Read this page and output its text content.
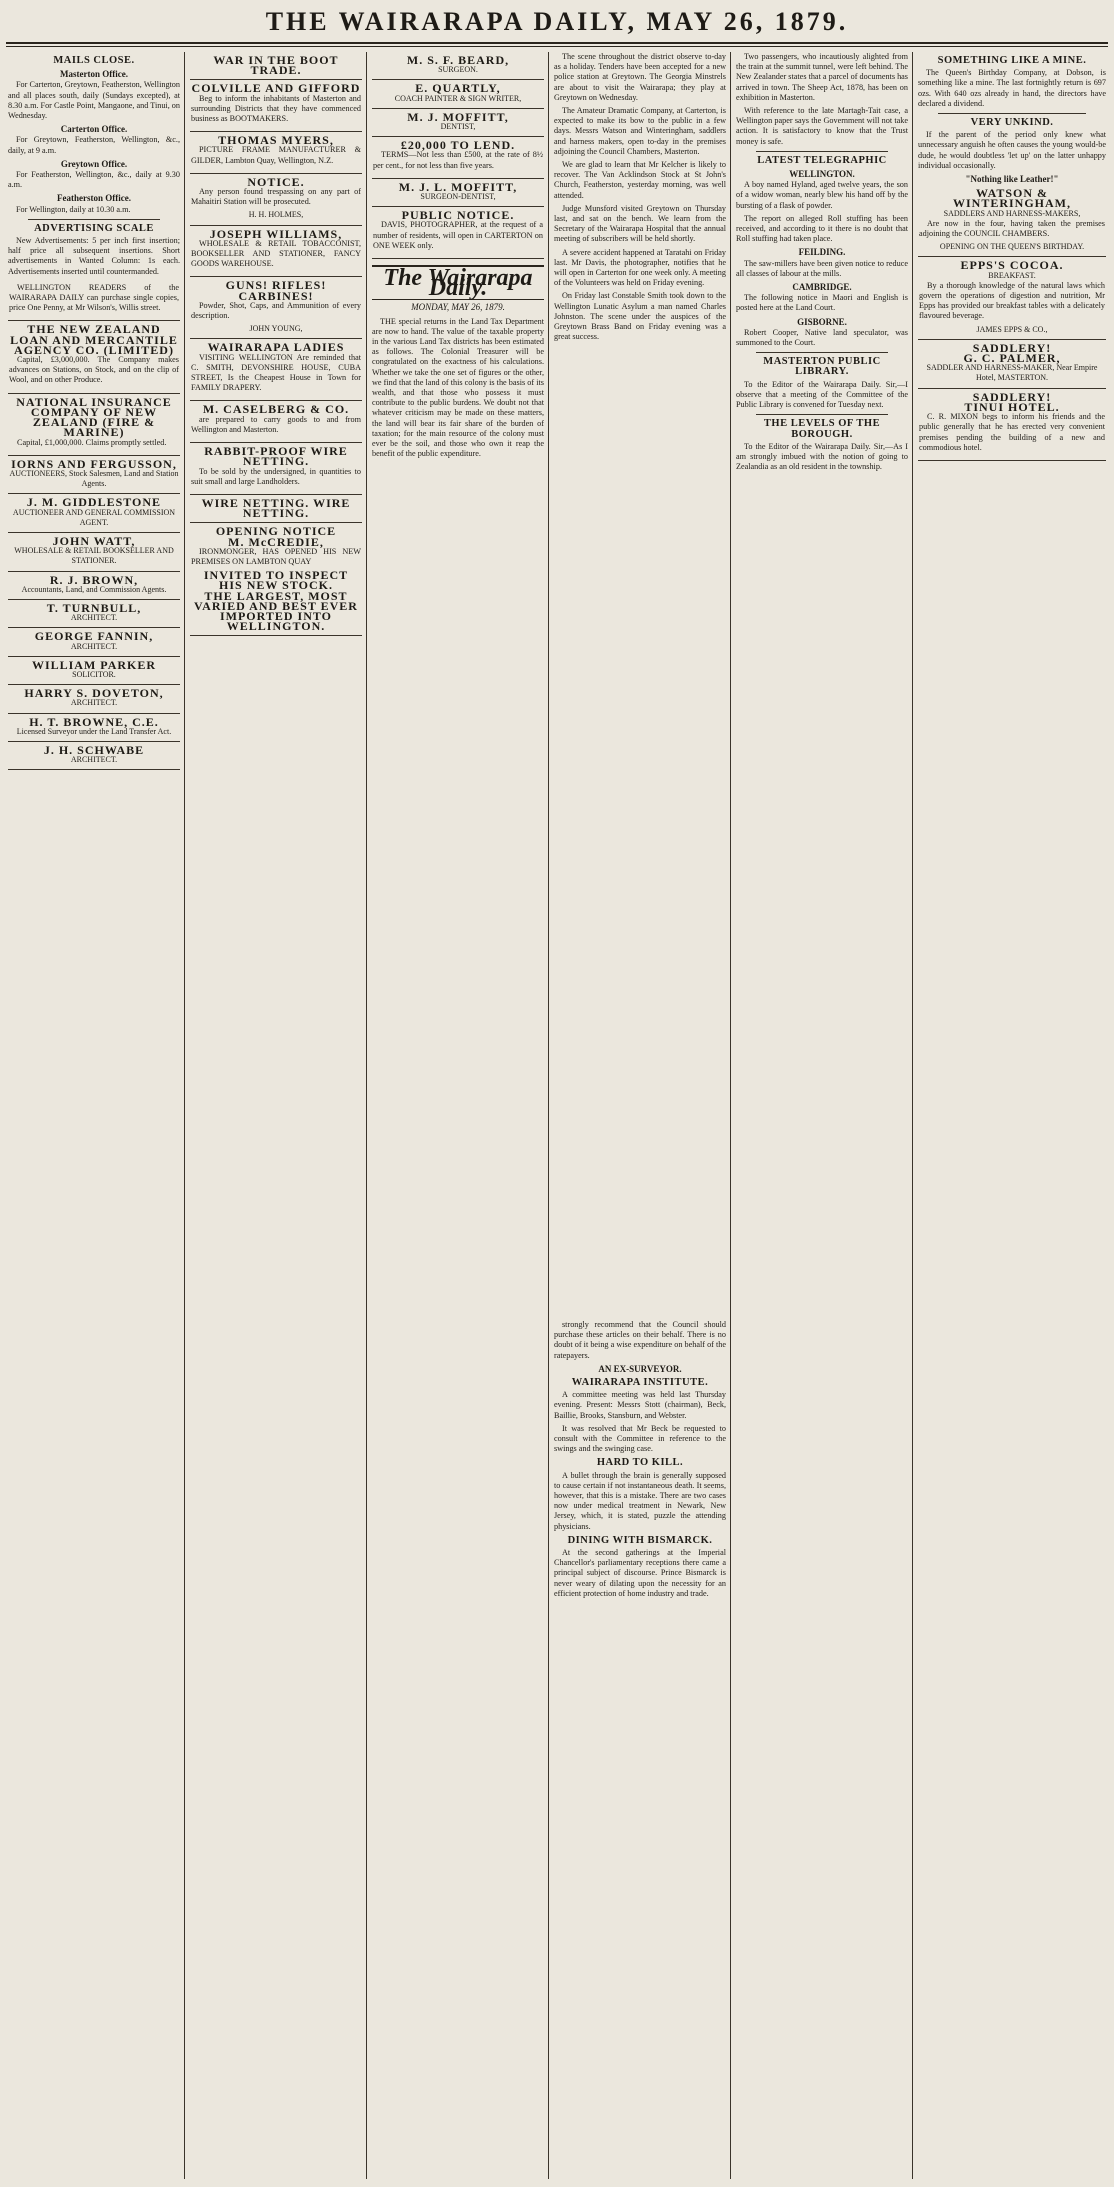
THE WAIRARAPA DAILY, MAY 26, 1879.
MAILS CLOSE.
Masterton Office.

For Carterton, Greytown, Featherston, Wellington and all places south, daily (Sundays excepted), at 8.30 a.m. For Castle Point, Mangaone, and Tinui, on Wednesday.

Carterton Office.

For Greytown, Featherston, Wellington, &c., daily, at 9 a.m.

Greytown Office.

For Featherston, Wellington, &c., daily at 9.30 a.m.

Featherston Office.

For Wellington, daily at 10.30 a.m.

ADVERTISING SCALE

New Advertisements: 5 per inch first insertion; half price all subsequent insertions. Short advertisements in Wanted Column: 1s each. Advertisements inserted until countermanded.

WELLINGTON READERS of the WAIRARAPA DAILY can purchase single copies, price One Penny, at Mr Wilson's, Willis street.

THE NEW ZEALAND LOAN AND MERCANTILE AGENCY CO. (LIMITED)

Capital, £3,000,000. The Company makes advances on Stations, on Stock, and on the clip of Wool, and on other Produce.

NATIONAL INSURANCE COMPANY OF NEW ZEALAND (FIRE & MARINE)

Capital, £1,000,000. Claims promptly settled.

IORNS AND FERGUSSON,
AUCTIONEERS, Stock Salesmen, Land and Station Agents.
J. M. GIDDLESTONE
AUCTIONEER AND GENERAL COMMISSION AGENT.
JOHN WATT,
WHOLESALE & RETAIL BOOKSELLER AND STATIONER.
R. J. BROWN,
Accountants, Land, and Commission Agents.
T. TURNBULL,
ARCHITECT.
GEORGE FANNIN,
ARCHITECT.
WILLIAM PARKER
SOLICITOR.
HARRY S. DOVETON,
ARCHITECT.
H. T. BROWNE, C.E.
Licensed Surveyor under the Land Transfer Act.
J. H. SCHWABE
ARCHITECT.
WAR IN THE BOOT TRADE.
COLVILLE AND GIFFORD

Beg to inform the inhabitants of Masterton and surrounding Districts that they have commenced business as BOOTMAKERS.

THOMAS MYERS,

PICTURE FRAME MANUFACTURER & GILDER, Lambton Quay, Wellington, N.Z.

NOTICE.

Any person found trespassing on any part of Mahaitiri Station will be prosecuted.

H. H. HOLMES,
JOSEPH WILLIAMS,

WHOLESALE & RETAIL TOBACCONIST, BOOKSELLER AND STATIONER, FANCY GOODS WAREHOUSE.

GUNS! RIFLES! CARBINES!

Powder, Shot, Caps, and Ammunition of every description.

JOHN YOUNG,
WAIRARAPA LADIES

VISITING WELLINGTON Are reminded that C. SMITH, DEVONSHIRE HOUSE, CUBA STREET, Is the Cheapest House in Town for FAMILY DRAPERY.

M. CASELBERG & CO.

are prepared to carry goods to and from Wellington and Masterton.

RABBIT-PROOF WIRE NETTING.

To be sold by the undersigned, in quantities to suit small and large Landholders.

WIRE NETTING. WIRE NETTING.
OPENING NOTICE
M. McCREDIE,

IRONMONGER, HAS OPENED HIS NEW PREMISES ON LAMBTON QUAY

INVITED TO INSPECT HIS NEW STOCK.
THE LARGEST, MOST VARIED AND BEST EVER IMPORTED INTO WELLINGTON.
M. S. F. BEARD,
SURGEON.
E. QUARTLY,
COACH PAINTER & SIGN WRITER,
M. J. MOFFITT,
DENTIST,
£20,000 TO LEND.

TERMS—Not less than £500, at the rate of 8½ per cent., for not less than five years.

M. J. L. MOFFITT,
SURGEON-DENTIST,
PUBLIC NOTICE.

DAVIS, PHOTOGRAPHER, at the request of a number of residents, will open in CARTERTON on ONE WEEK only.

The Wairarapa Daily.
MONDAY, MAY 26, 1879.

THE special returns in the Land Tax Department are now to hand. The value of the taxable property in the various Land Tax districts has been estimated as follows. The Colonial Treasurer will be congratulated on the exactness of his calculations. Whether we take the one set of figures or the other, we find that the land of this colony is the basis of its wealth, and that those who possess it must contribute to the public burdens. We doubt not that whatever criticism may be made on these matters, the land will bear its fair share of the burden of taxation; for the main resource of the colony must ever be the soil, and those who own it reap the benefit of the public expenditure.

The scene throughout the district observe to-day as a holiday. Tenders have been accepted for a new police station at Greytown. The Georgia Minstrels are about to visit the Wairarapa; they play at Greytown on Wednesday.

The Amateur Dramatic Company, at Carterton, is expected to make its bow to the public in a few days. Messrs Watson and Winteringham, saddlers and harness makers, open to-day in the premises adjoining the Council Chambers, Masterton.

We are glad to learn that Mr Kelcher is likely to recover. The Van Acklindson Stock at St John's Church, Featherston, yesterday morning, was well attended.

Judge Munsford visited Greytown on Thursday last, and sat on the bench. We learn from the Secretary of the Wairarapa Hospital that the annual meeting of subscribers will be held shortly.

A severe accident happened at Taratahi on Friday last. Mr Davis, the photographer, notifies that he will open in Carterton for one week only. A meeting of the Volunteers was held on Friday evening.

On Friday last Constable Smith took down to the Wellington Lunatic Asylum a man named Charles Johnston. The scene under the auspices of the Greytown Brass Band on Friday evening was a great success.

Two passengers, who incautiously alighted from the train at the summit tunnel, were left behind. The New Zealander states that a parcel of documents has arrived in town. The Sheep Act, 1878, has been on exhibition in Masterton.

With reference to the late Martagh-Tait case, a Wellington paper says the Government will not take action. It is satisfactory to know that the Trust money is safe.

LATEST TELEGRAPHIC
WELLINGTON.

A boy named Hyland, aged twelve years, the son of a widow woman, nearly blew his hand off by the bursting of a flask of powder.

The report on alleged Roll stuffing has been received, and according to it there is no doubt that Roll stuffing had taken place.

FEILDING.

The saw-millers have been given notice to reduce all classes of labour at the mills.

CAMBRIDGE.

The following notice in Maori and English is posted here at the Land Court.

GISBORNE.

Robert Cooper, Native land speculator, was summoned to the Court.

MASTERTON PUBLIC LIBRARY.

To the Editor of the Wairarapa Daily. Sir,—I observe that a meeting of the Committee of the Public Library is convened for Tuesday next.

THE LEVELS OF THE BOROUGH.

To the Editor of the Wairarapa Daily. Sir,—As I am strongly imbued with the notion of going to Zealandia as an old resident in the township.

SOMETHING LIKE A MINE.

The Queen's Birthday Company, at Dobson, is something like a mine. The last fortnightly return is 697 ozs. With 640 ozs already in hand, the directors have declared a dividend.

VERY UNKIND.

If the parent of the period only knew what unnecessary anguish he often causes the young would-be dude, he would doubtless 'let up' on the latter unhappy individual occasionally.

"Nothing like Leather!"
WATSON & WINTERINGHAM,
SADDLERS AND HARNESS-MAKERS,

Are now in the four, having taken the premises adjoining the COUNCIL CHAMBERS.

OPENING ON THE QUEEN'S BIRTHDAY.
EPPS'S COCOA.
BREAKFAST.

By a thorough knowledge of the natural laws which govern the operations of digestion and nutrition, Mr Epps has provided our breakfast tables with a delicately flavoured beverage.

JAMES EPPS & CO.,
SADDLERY!
G. C. PALMER,
SADDLER AND HARNESS-MAKER, Near Empire Hotel, MASTERTON.
SADDLERY!
TINUI HOTEL.

C. R. MIXON begs to inform his friends and the public generally that he has erected very convenient premises pending the building of a new and commodious hotel.

strongly recommend that the Council should purchase these articles on their behalf. There is no doubt of it being a wise expenditure on behalf of the ratepayers.

AN EX-SURVEYOR.
WAIRARAPA INSTITUTE.

A committee meeting was held last Thursday evening. Present: Messrs Stott (chairman), Beck, Baillie, Brooks, Stansburn, and Webster.

It was resolved that Mr Beck be requested to consult with the Committee in reference to the swings and the swinging case.

HARD TO KILL.

A bullet through the brain is generally supposed to cause certain if not instantaneous death. It seems, however, that this is a mistake. There are two cases now under medical treatment in Newark, New Jersey, which, it is stated, puzzle the attending physicians.

DINING WITH BISMARCK.

At the second gatherings at the Imperial Chancellor's parliamentary receptions there came a principal subject of discourse. Prince Bismarck is never weary of dilating upon the necessity for an efficient protection of home industry and trade.
